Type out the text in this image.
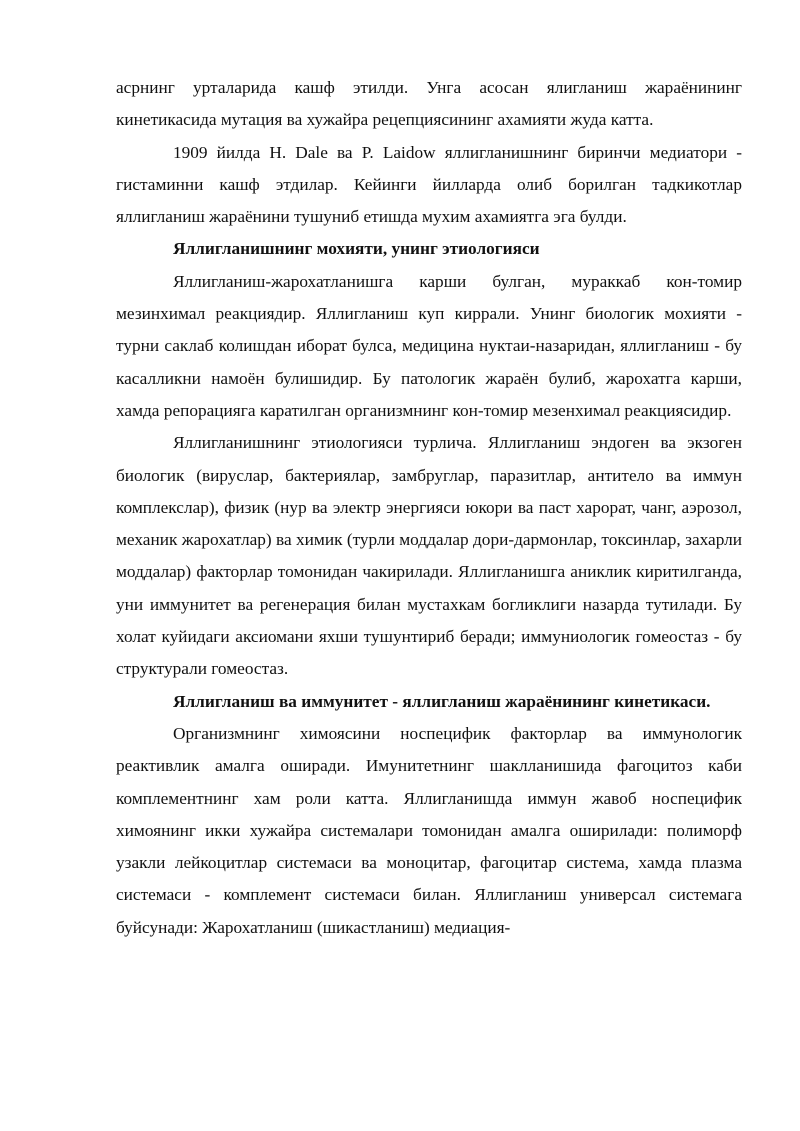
асрнинг урталарида кашф этилди. Унга асосан ялигланиш жараёнининг кинетикасида мутация ва хужайра рецепциясининг ахамияти жуда катта.

1909 йилда H. Dale ва P. Laidow яллигланишнинг биринчи медиатори - гистаминни кашф этдилар. Кейинги йилларда олиб борилган тадкикотлар яллигланиш жараёнини тушуниб етишда мухим ахамиятга эга булди.

Яллигланишнинг мохияти, унинг этиологияси

Яллигланиш-жарохатланишга карши булган, мураккаб кон-томир мезинхимал реакциядир. Яллигланиш куп киррали. Унинг биологик мохияти - турни саклаб колишдан иборат булса, медицина нуктаи-назаридан, яллигланиш - бу касалликни намоён булишидир. Бу патологик жараён булиб, жарохатга карши, хамда репорацияга каратилган организмнинг кон-томир мезенхимал реакциясидир.

Яллигланишнинг этиологияси турлича. Яллигланиш эндоген ва экзоген биологик (вируслар, бактериялар, замбруглар, паразитлар, антитело ва иммун комплекслар), физик (нур ва электр энергияси юкори ва паст харорат, чанг, аэрозол, механик жарохатлар) ва химик (турли моддалар дори-дармонлар, токсинлар, захарли моддалар) факторлар томонидан чакирилади. Яллигланишга аниклик киритилганда, уни иммунитет ва регенерация билан мустахкам богликлиги назарда тутилади. Бу холат куйидаги аксиомани яхши тушунтириб беради; иммуниологик гомеостаз - бу структурали гомеостаз.

Яллигланиш ва иммунитет - яллигланиш жараёнининг кинетикаси.

Организмнинг химоясини носпецифик факторлар ва иммунологик реактивлик амалга оширади. Имунитетнинг шаклланишида фагоцитоз каби комплементнинг хам роли катта. Яллигланишда иммун жавоб носпецифик химоянинг икки хужайра системалари томонидан амалга оширилади: полиморф узакли лейкоцитлар системаси ва моноцитар, фагоцитар система, хамда плазма системаси - комплемент системаси билан. Яллигланиш универсал системага буйсунади: Жарохатланиш (шикастланиш) медиация-
